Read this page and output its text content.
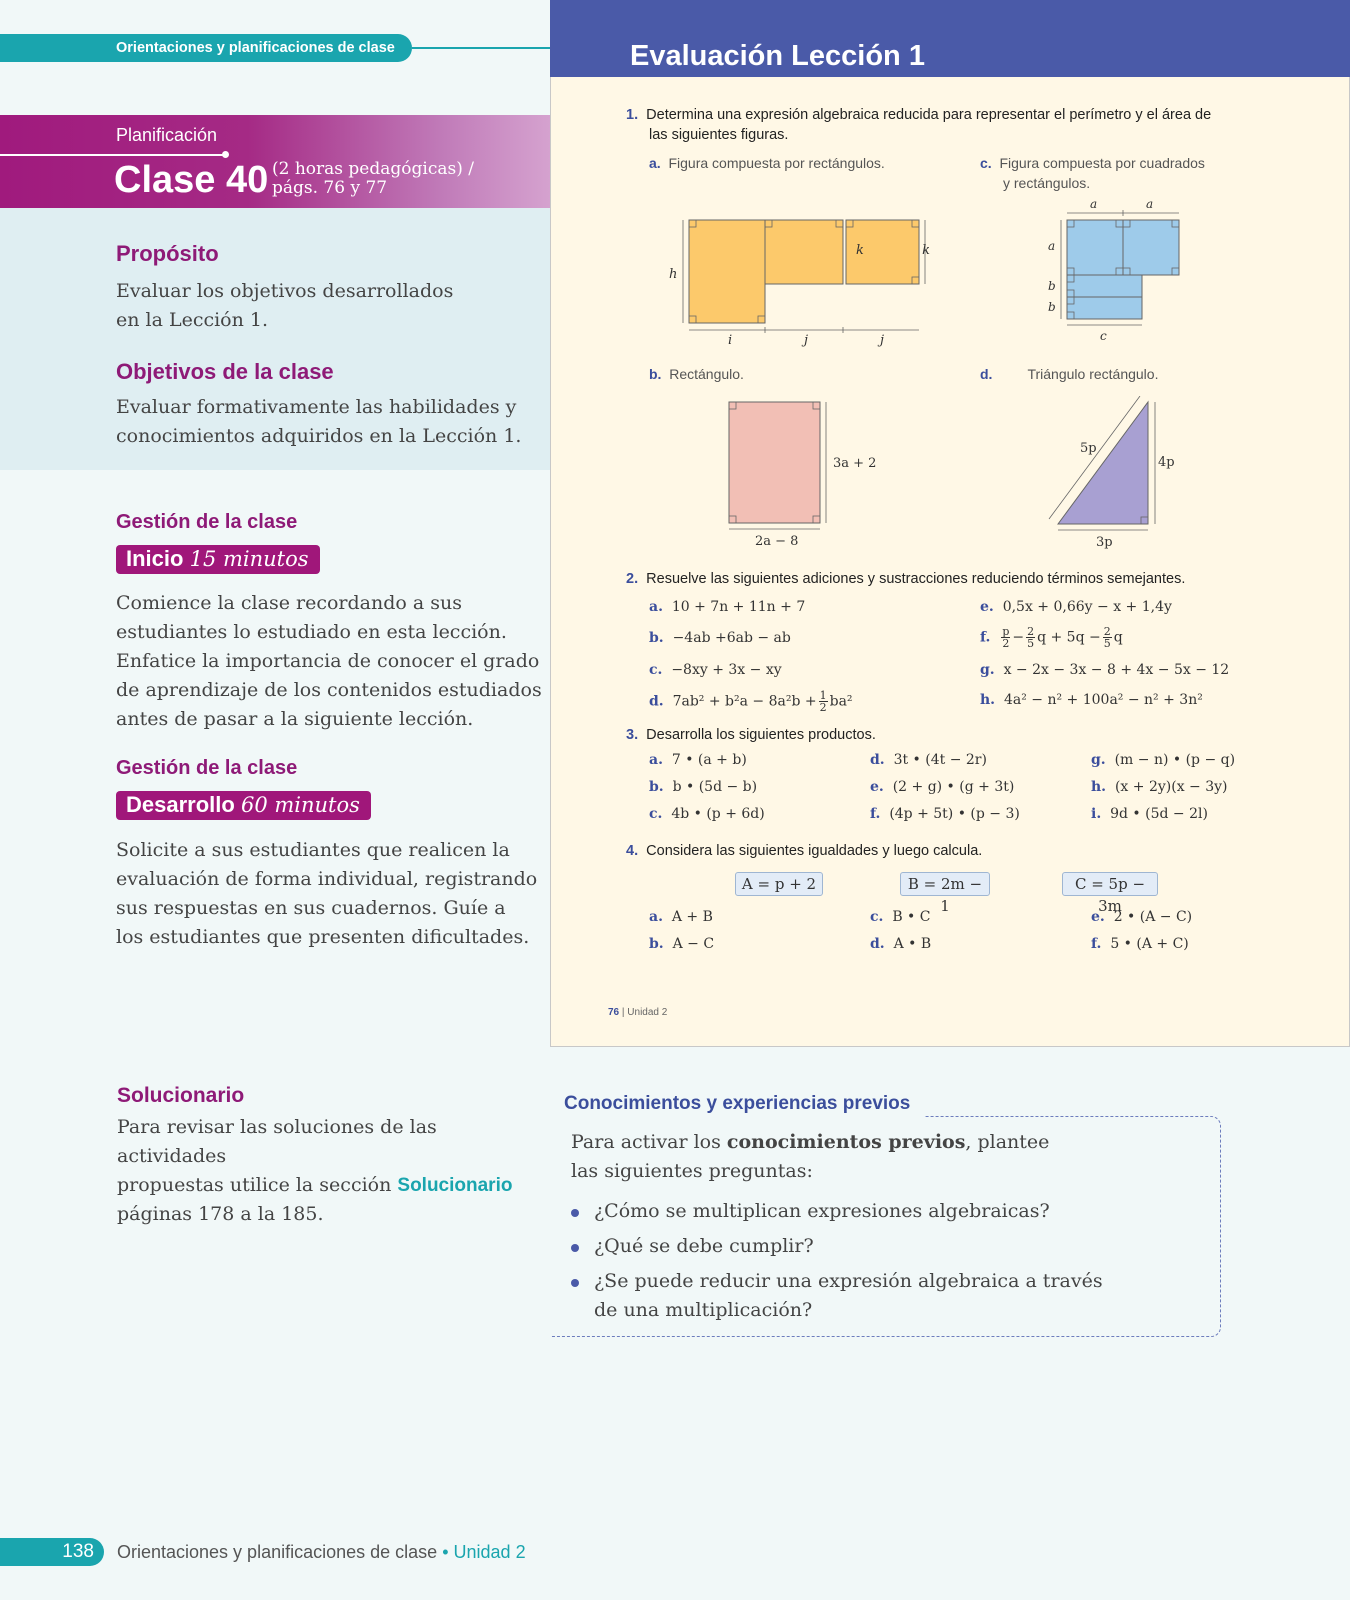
Orientaciones y planificaciones de clase
Planificación
Clase 40 (2 horas pedagógicas) /
págs. 76 y 77
Propósito
Evaluar los objetivos desarrollados
en la Lección 1.
Objetivos de la clase
Evaluar formativamente las habilidades y
conocimientos adquiridos en la Lección 1.
Gestión de la clase
Inicio 15 minutos
Comience la clase recordando a sus
estudiantes lo estudiado en esta lección.
Enfatice la importancia de conocer el grado
de aprendizaje de los contenidos estudiados
antes de pasar a la siguiente lección.
Gestión de la clase
Desarrollo 60 minutos
Solicite a sus estudiantes que realicen la
evaluación de forma individual, registrando
sus respuestas en sus cuadernos. Guíe a
los estudiantes que presenten dificultades.
Evaluación Lección 1
1. Determina una expresión algebraica reducida para representar el perímetro y el área de
las siguientes figuras.
a. Figura compuesta por rectángulos.	c. Figura compuesta por cuadrados
y rectángulos.
b. Rectángulo.	d.	Triángulo rectángulo.
h
k	k
i	j	j
a	a
a
b
b
c
3a + 2
2a − 8
5p
4p
3p
2. Resuelve las siguientes adiciones y sustracciones reduciendo términos semejantes.
a. 10 + 7n + 11n + 7
b. −4ab +6ab − ab
c. −8xy + 3x − xy
d. $7ab^2 + b^2a - 8a^2b + \frac{1}{2} ba^2$
e. 0,5x + 0,66y − x + 1,4y
f. $\frac{p}{2} - \frac{2}{5}$ $q + 5q - \frac{2}{5}$ q
g. x − 2x − 3x − 8 + 4x − 5x − 12
h. 4a² − n² + 100a² − n² + 3n²
3. Desarrolla los siguientes productos.
a. 7 • (a + b)
b. b • (5d − b)
c. 4b • (p + 6d)
d. 3t • (4t − 2r)
e. (2 + g) • (g + 3t)
f. (4p + 5t) • (p − 3)
g. (m − n) • (p − q)
h. (x + 2y)(x − 3y)
i. 9d • (5d − 2l)
4. Considera las siguientes igualdades y luego calcula.
A = p + 2	B = 2m − 1
C = 5p − 3m
a. A + B
b. A − C
c. B • C
d. A • B
e. 2 • (A − C)
f. 5 • (A + C)
76 | Unidad 2
Solucionario
Para revisar las soluciones de las actividades
propuestas utilice la sección Solucionario
páginas 178 a la 185.
Conocimientos y experiencias previos
Para activar los conocimientos previos, plantee
las siguientes preguntas:
¿Cómo se multiplican expresiones algebraicas?
¿Qué se debe cumplir?
¿Se puede reducir una expresión algebraica a través
de una multiplicación?
138	Orientaciones y planificaciones de clase • Unidad 2
